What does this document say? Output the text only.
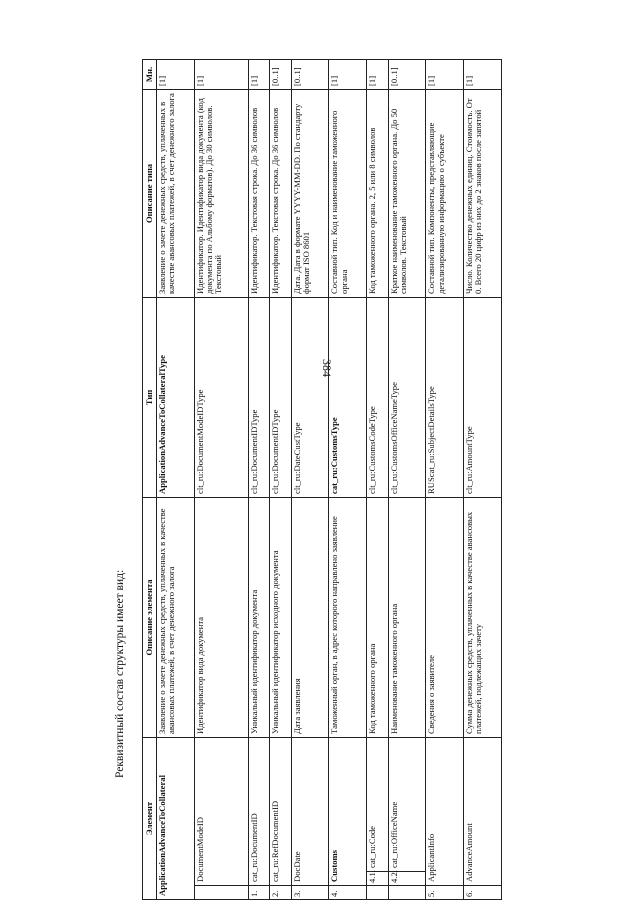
384
Реквизитный состав структуры имеет вид:
Элемент			Описание элемента	Тип	Описание типа	Мн.
ApplicationAdvanceToCollateral			Заявление о зачете денежных средств, уплаченных в качестве авансовых платежей, в счет денежного залога	ApplicationAdvanceToCollateralType	Заявление о зачете денежных средств, уплаченных в качестве авансовых платежей, в счет денежного залога	[1]
	DocumentModeID		Идентификатор вида документа	clt_ru:DocumentModeIDType	Идентификатор. Идентификатор вида документа (код документа по Альбому форматов). До 30 символов. Текстовый	[1]
1.	cat_ru:DocumentID		Уникальный идентификатор документа	clt_ru:DocumentIDType	Идентификатор. Текстовая строка. До 36 символов	[1]
2.	cat_ru:RefDocumentID		Уникальный идентификатор исходного документа	clt_ru:DocumentIDType	Идентификатор. Текстовая строка. До 36 символов	[0..1]
3.	DocDate		Дата заявления	clt_ru:DateCustType	Дата. Дата в формате YYYY-MM-DD. По стандарту формат ISO 8601	[0..1]
4.	Customs		Таможенный орган, в адрес которого направлено заявление	cat_ru:CustomsType	Составной тип. Код и наименование таможенного органа	[1]
	4.1.	cat_ru:Code	Код таможенного органа	clt_ru:CustomsCodeType	Код таможенного органа. 2, 5 или 8 символов	[1]
	4.2.	cat_ru:OfficeName	Наименование таможенного органа	clt_ru:CustomsOfficeNameType	Краткое наименование таможенного органа. До 50 символов. Текстовый	[0..1]
5.	ApplicantInfo		Сведения о заявителе	RUScat_ru:SubjectDetailsType	Составной тип. Компоненты, представляющие детализированную информацию о субъекте	[1]
6.	AdvanceAmount		Сумма денежных средств, уплаченных в качестве авансовых платежей, подлежащих зачету	clt_ru:AmountType	Число. Количество денежных единиц. Стоимость. От 0. Всего 20 цифр из них до 2 знаков после запятой	[1]
